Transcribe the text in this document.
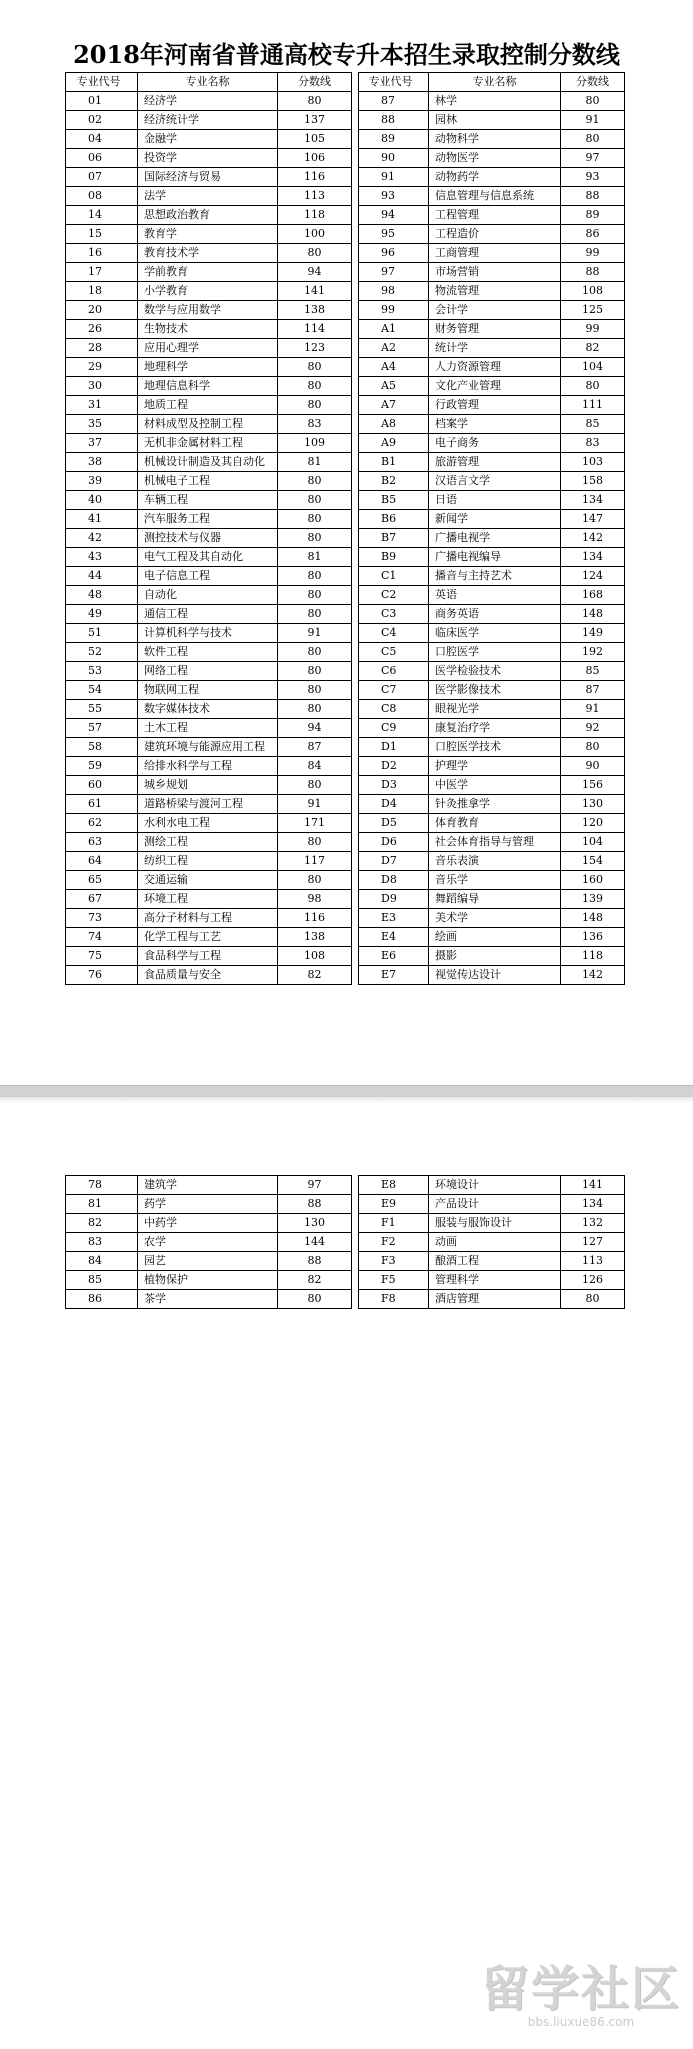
2018年河南省普通高校专升本招生录取控制分数线
专业代号	专业名称	分数线
01	经济学	80
02	经济统计学	137
04	金融学	105
06	投资学	106
07	国际经济与贸易	116
08	法学	113
14	思想政治教育	118
15	教育学	100
16	教育技术学	80
17	学前教育	94
18	小学教育	141
20	数学与应用数学	138
26	生物技术	114
28	应用心理学	123
29	地理科学	80
30	地理信息科学	80
31	地质工程	80
35	材料成型及控制工程	83
37	无机非金属材料工程	109
38	机械设计制造及其自动化	81
39	机械电子工程	80
40	车辆工程	80
41	汽车服务工程	80
42	测控技术与仪器	80
43	电气工程及其自动化	81
44	电子信息工程	80
48	自动化	80
49	通信工程	80
51	计算机科学与技术	91
52	软件工程	80
53	网络工程	80
54	物联网工程	80
55	数字媒体技术	80
57	土木工程	94
58	建筑环境与能源应用工程	87
59	给排水科学与工程	84
60	城乡规划	80
61	道路桥梁与渡河工程	91
62	水利水电工程	171
63	测绘工程	80
64	纺织工程	117
65	交通运输	80
67	环境工程	98
73	高分子材料与工程	116
74	化学工程与工艺	138
75	食品科学与工程	108
76	食品质量与安全	82
专业代号	专业名称	分数线
87	林学	80
88	园林	91
89	动物科学	80
90	动物医学	97
91	动物药学	93
93	信息管理与信息系统	88
94	工程管理	89
95	工程造价	86
96	工商管理	99
97	市场营销	88
98	物流管理	108
99	会计学	125
A1	财务管理	99
A2	统计学	82
A4	人力资源管理	104
A5	文化产业管理	80
A7	行政管理	111
A8	档案学	85
A9	电子商务	83
B1	旅游管理	103
B2	汉语言文学	158
B5	日语	134
B6	新闻学	147
B7	广播电视学	142
B9	广播电视编导	134
C1	播音与主持艺术	124
C2	英语	168
C3	商务英语	148
C4	临床医学	149
C5	口腔医学	192
C6	医学检验技术	85
C7	医学影像技术	87
C8	眼视光学	91
C9	康复治疗学	92
D1	口腔医学技术	80
D2	护理学	90
D3	中医学	156
D4	针灸推拿学	130
D5	体育教育	120
D6	社会体育指导与管理	104
D7	音乐表演	154
D8	音乐学	160
D9	舞蹈编导	139
E3	美术学	148
E4	绘画	136
E6	摄影	118
E7	视觉传达设计	142
78	建筑学	97
81	药学	88
82	中药学	130
83	农学	144
84	园艺	88
85	植物保护	82
86	茶学	80
E8	环境设计	141
E9	产品设计	134
F1	服装与服饰设计	132
F2	动画	127
F3	酿酒工程	113
F5	管理科学	126
F8	酒店管理	80
留学社区
bbs.liuxue86.com
